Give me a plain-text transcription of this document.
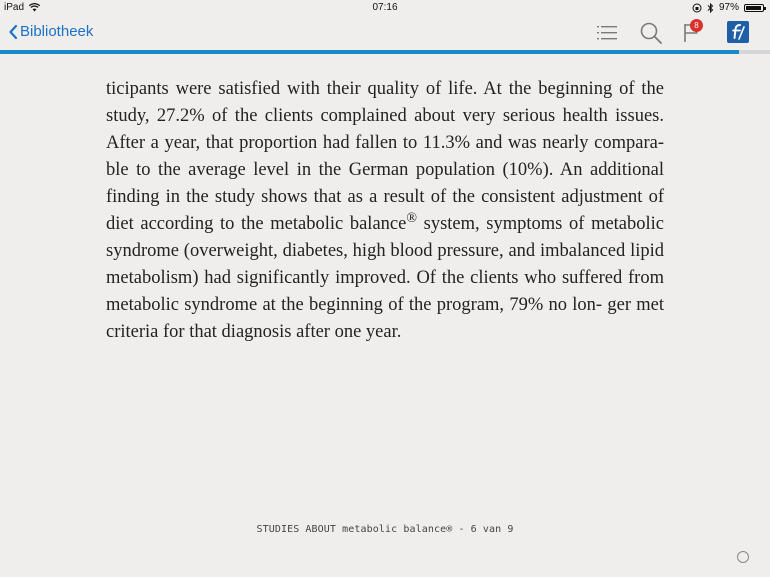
iPad	07:16	97%
Bibliotheek	8

ticipants were satisfied with their quality of life. At the beginning of the study, 27.2% of the clients complained about very serious health issues. After a year, that proportion had fallen to 11.3% and was nearly compara- ble to the average level in the German population (10%). An additional finding in the study shows that as a result of the consistent adjustment of diet according to the metabolic balance® system, symptoms of metabolic syndrome (overweight, diabetes, high blood pressure, and imbalanced lipid metabolism) had significantly improved. Of the clients who suffered from metabolic syndrome at the beginning of the program, 79% no lon- ger met criteria for that diagnosis after one year.

STUDIES ABOUT metabolic balance® - 6 van 9
